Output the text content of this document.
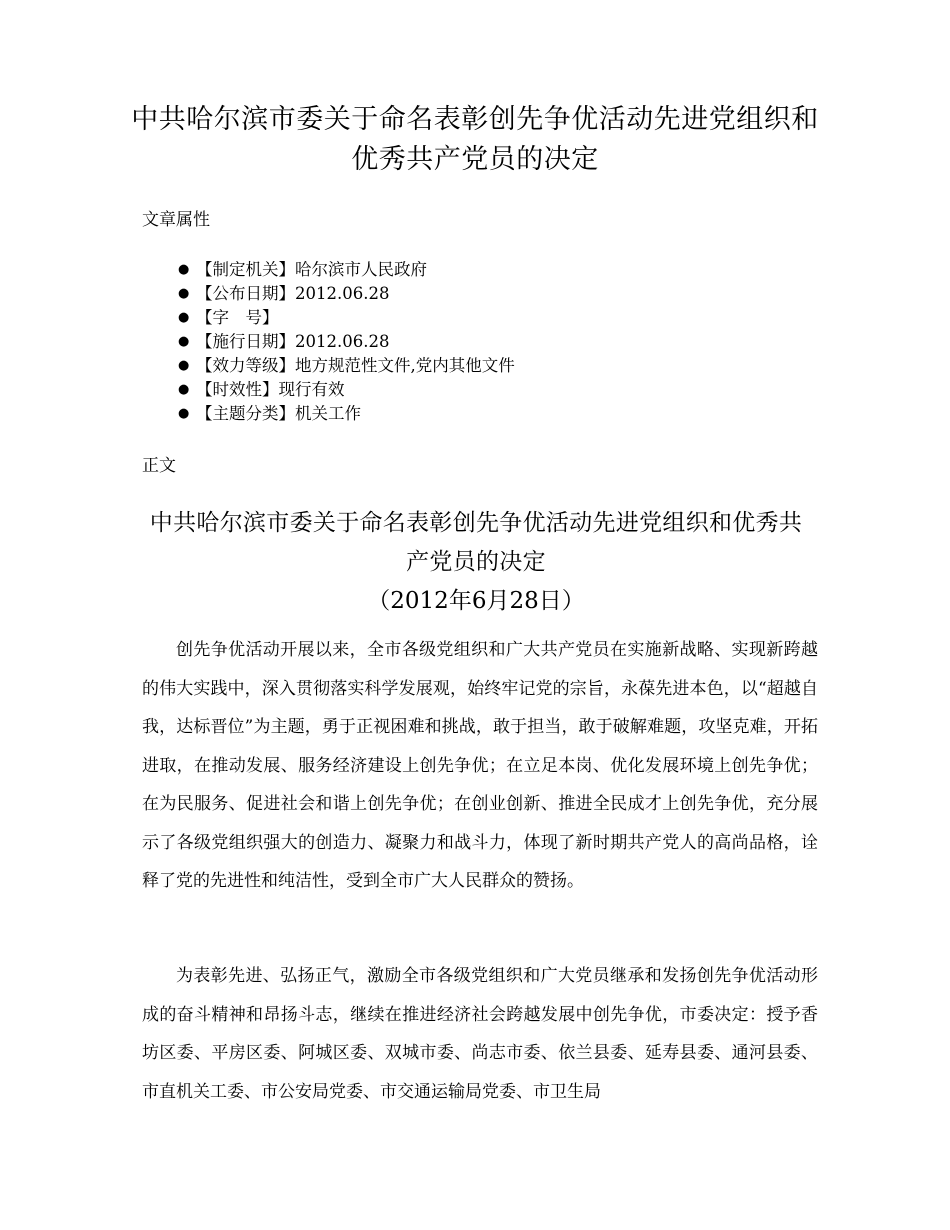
中共哈尔滨市委关于命名表彰创先争优活动先进党组织和优秀共产党员的决定

文章属性

● 【制定机关】哈尔滨市人民政府
● 【公布日期】2012.06.28
● 【字　号】
● 【施行日期】2012.06.28
● 【效力等级】地方规范性文件,党内其他文件
● 【时效性】现行有效
● 【主题分类】机关工作

正文

中共哈尔滨市委关于命名表彰创先争优活动先进党组织和优秀共产党员的决定

（2012年6月28日）

创先争优活动开展以来，全市各级党组织和广大共产党员在实施新战略、实现新跨越的伟大实践中，深入贯彻落实科学发展观，始终牢记党的宗旨，永葆先进本色，以“超越自我，达标晋位”为主题，勇于正视困难和挑战，敢于担当，敢于破解难题，攻坚克难，开拓进取，在推动发展、服务经济建设上创先争优；在立足本岗、优化发展环境上创先争优；在为民服务、促进社会和谐上创先争优；在创业创新、推进全民成才上创先争优，充分展示了各级党组织强大的创造力、凝聚力和战斗力，体现了新时期共产党人的高尚品格，诠释了党的先进性和纯洁性，受到全市广大人民群众的赞扬。

为表彰先进、弘扬正气，激励全市各级党组织和广大党员继承和发扬创先争优活动形成的奋斗精神和昂扬斗志，继续在推进经济社会跨越发展中创先争优，市委决定：授予香坊区委、平房区委、阿城区委、双城市委、尚志市委、依兰县委、延寿县委、通河县委、市直机关工委、市公安局党委、市交通运输局党委、市卫生局
